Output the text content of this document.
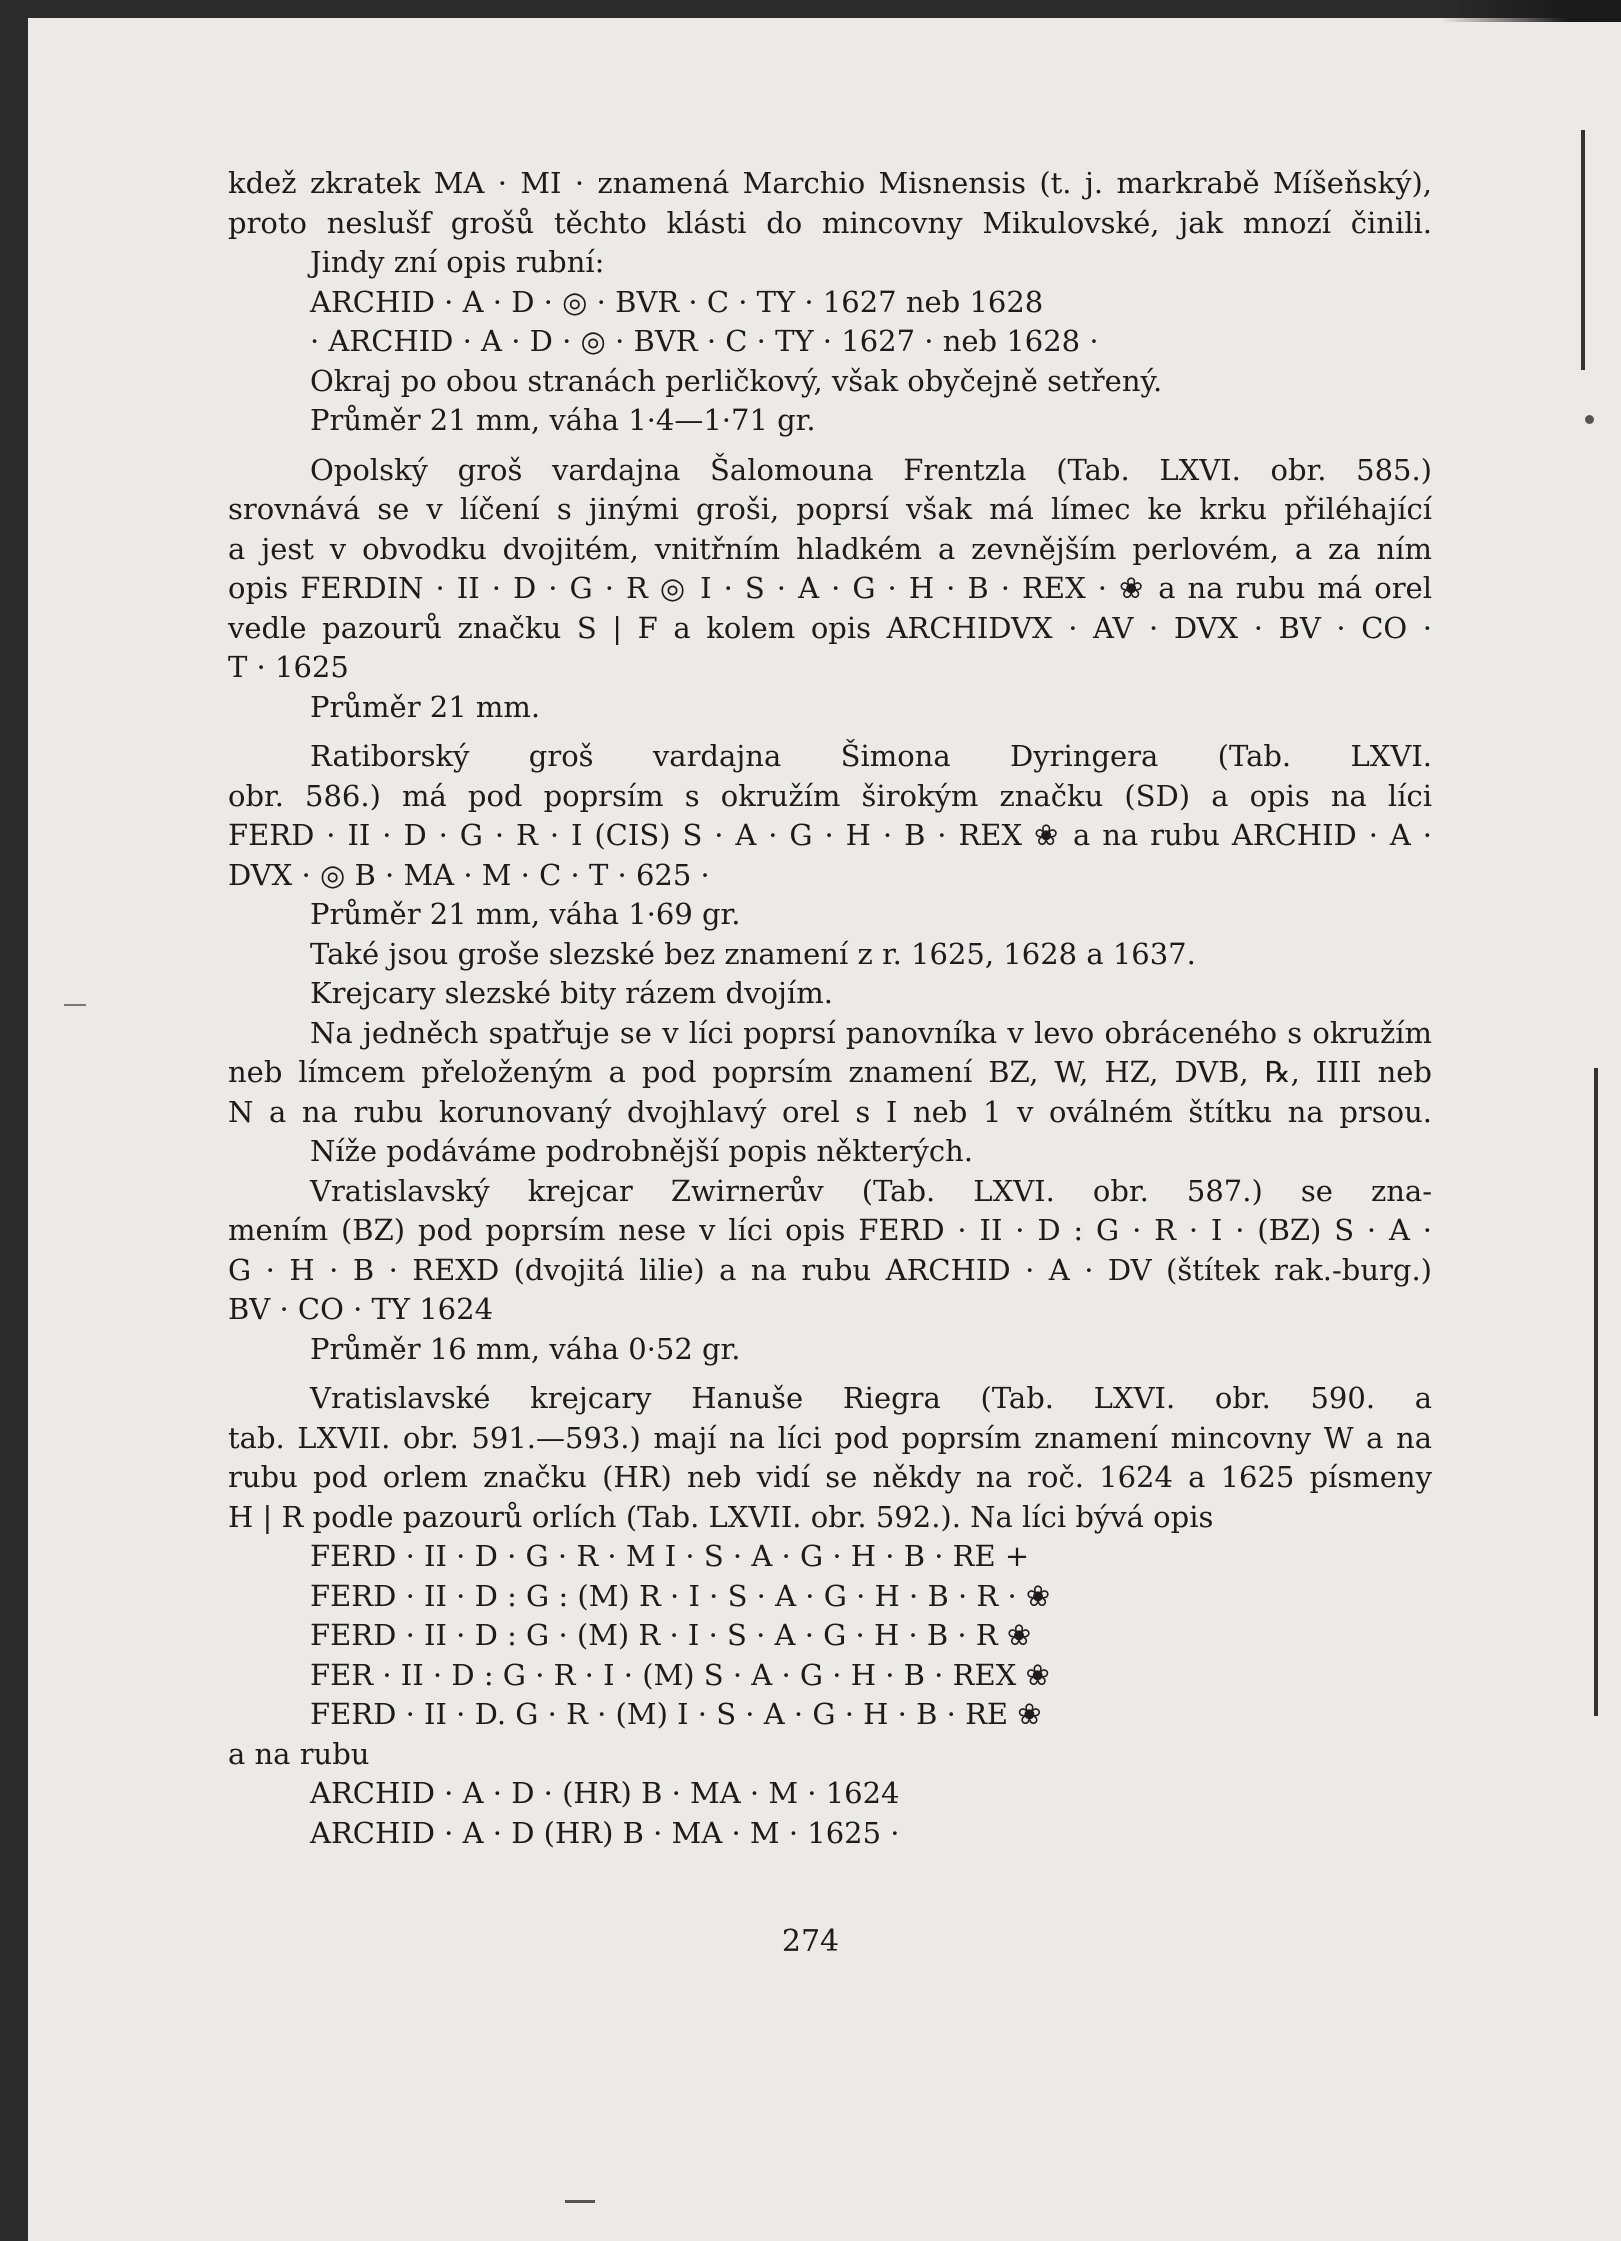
kdež zkratek MA · MI · znamená Marchio Misnensis (t. j. markrabě Míšeňský),
proto neslušf grošů těchto klásti do mincovny Mikulovské, jak mnozí činili.
Jindy zní opis rubní:
ARCHID · A · D · ◎ · BVR · C · TY · 1627 neb 1628
· ARCHID · A · D · ◎ · BVR · C · TY · 1627 · neb 1628 ·
Okraj po obou stranách perličkový, však obyčejně setřený.
Průměr 21 mm, váha 1·4—1·71 gr.
Opolský groš vardajna Šalomouna Frentzla (Tab. LXVI. obr. 585.)
srovnává se v líčení s jinými groši, poprsí však má límec ke krku přiléhající
a jest v obvodku dvojitém, vnitřním hladkém a zevnějším perlovém, a za ním
opis FERDIN · II · D · G · R ◎ I · S · A · G · H · B · REX · ❀ a na rubu má orel
vedle pazourů značku S | F a kolem opis ARCHIDVX · AV · DVX · BV · CO ·
T · 1625
Průměr 21 mm.
Ratiborský groš vardajna Šimona Dyringera (Tab. LXVI.
obr. 586.) má pod poprsím s okružím širokým značku (SD) a opis na líci
FERD · II · D · G · R · I (CIS) S · A · G · H · B · REX ❀ a na rubu ARCHID · A ·
DVX · ◎ B · MA · M · C · T · 625 ·
Průměr 21 mm, váha 1·69 gr.
Také jsou groše slezské bez znamení z r. 1625, 1628 a 1637.
Krejcary slezské bity rázem dvojím.
Na jedněch spatřuje se v líci poprsí panovníka v levo obráceného s okružím
neb límcem přeloženým a pod poprsím znamení BZ, W, HZ, DVB, ℞, IIII neb
N a na rubu korunovaný dvojhlavý orel s I neb 1 v oválném štítku na prsou.
Níže podáváme podrobnější popis některých.
Vratislavský krejcar Zwirnerův (Tab. LXVI. obr. 587.) se zna-
mením (BZ) pod poprsím nese v líci opis FERD · II · D : G · R · I · (BZ) S · A ·
G · H · B · REXD (dvojitá lilie) a na rubu ARCHID · A · DV (štítek rak.-burg.)
BV · CO · TY 1624
Průměr 16 mm, váha 0·52 gr.
Vratislavské krejcary Hanuše Riegra (Tab. LXVI. obr. 590. a
tab. LXVII. obr. 591.—593.) mají na líci pod poprsím znamení mincovny W a na
rubu pod orlem značku (HR) neb vidí se někdy na roč. 1624 a 1625 písmeny
H | R podle pazourů orlích (Tab. LXVII. obr. 592.). Na líci bývá opis
FERD · II · D · G · R · M I · S · A · G · H · B · RE +
FERD · II · D : G : (M) R · I · S · A · G · H · B · R · ❀
FERD · II · D : G · (M) R · I · S · A · G · H · B · R ❀
FER · II · D : G · R · I · (M) S · A · G · H · B · REX ❀
FERD · II · D. G · R · (M) I · S · A · G · H · B · RE ❀
a na rubu
ARCHID · A · D · (HR) B · MA · M · 1624
ARCHID · A · D (HR) B · MA · M · 1625 ·
274
